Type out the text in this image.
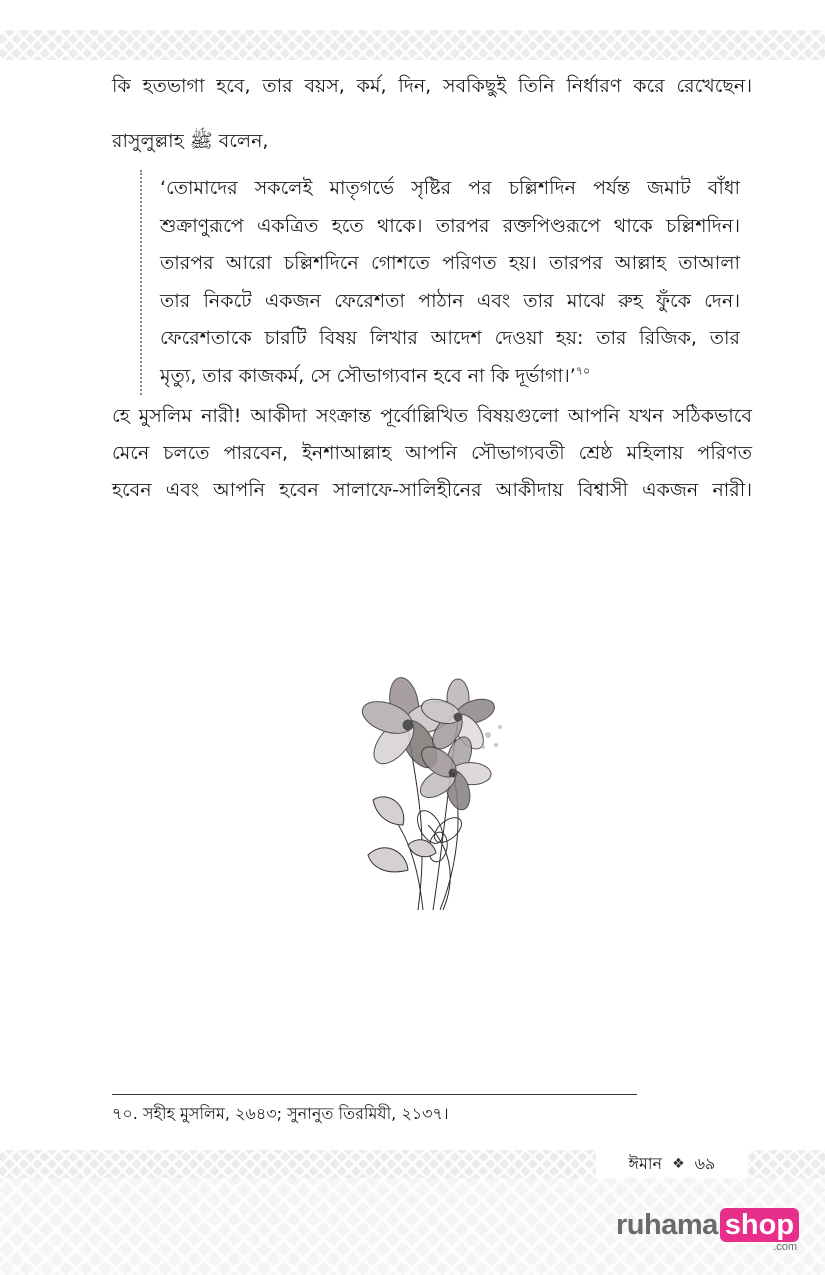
কি হতভাগা হবে, তার বয়স, কর্ম, দিন, সবকিছুই তিনি নির্ধারণ করে রেখেছেন।

রাসুলুল্লাহ ﷺ বলেন,

‘তোমাদের সকলেই মাতৃগর্ভে সৃষ্টির পর চল্লিশদিন পর্যন্ত জমাট বাঁধা

শুক্রাণুরূপে একত্রিত হতে থাকে। তারপর রক্তপিণ্ডরূপে থাকে চল্লিশদিন।

তারপর আরো চল্লিশদিনে গোশতে পরিণত হয়। তারপর আল্লাহ তাআলা

তার নিকটে একজন ফেরেশতা পাঠান এবং তার মাঝে রুহ ফুঁকে দেন।

ফেরেশতাকে চারটি বিষয় লিখার আদেশ দেওয়া হয়: তার রিজিক, তার

মৃত্যু, তার কাজকর্ম, সে সৌভাগ্যবান হবে না কি দূর্ভাগা।’$^{৭০}$

হে মুসলিম নারী! আকীদা সংক্রান্ত পূর্বোল্লিখিত বিষয়গুলো আপনি যখন সঠিকভাবে

মেনে চলতে পারবেন, ইনশাআল্লাহ আপনি সৌভাগ্যবতী শ্রেষ্ঠ মহিলায় পরিণত

হবেন এবং আপনি হবেন সালাফে-সালিহীনের আকীদায় বিশ্বাসী একজন নারী।

৭০. সহীহ মুসলিম, ২৬৪৩; সুনানুত তিরমিযী, ২১৩৭।

ঈমান ❖ ৬৯
ruhama shop
.com
